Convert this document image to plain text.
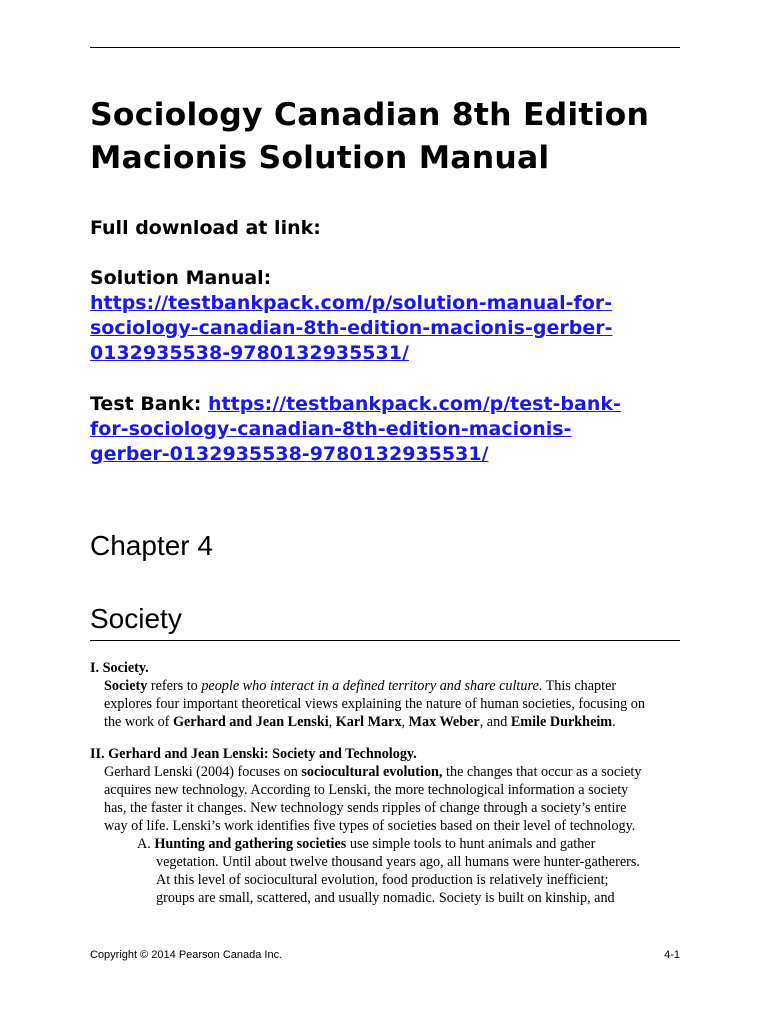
Sociology Canadian 8th Edition
Macionis Solution Manual
Full download at link:
Solution Manual:
https://testbankpack.com/p/solution-manual-for-
sociology-canadian-8th-edition-macionis-gerber-
0132935538-9780132935531/
Test Bank: https://testbankpack.com/p/test-bank-
for-sociology-canadian-8th-edition-macionis-
gerber-0132935538-9780132935531/
Chapter 4
Society
I. Society.
Society refers to people who interact in a defined territory and share culture. This chapter
explores four important theoretical views explaining the nature of human societies, focusing on
the work of Gerhard and Jean Lenski, Karl Marx, Max Weber, and Emile Durkheim.
II. Gerhard and Jean Lenski: Society and Technology.
Gerhard Lenski (2004) focuses on sociocultural evolution, the changes that occur as a society
acquires new technology. According to Lenski, the more technological information a society
has, the faster it changes. New technology sends ripples of change through a society’s entire
way of life. Lenski’s work identifies five types of societies based on their level of technology.
A. Hunting and gathering societies use simple tools to hunt animals and gather
vegetation. Until about twelve thousand years ago, all humans were hunter-gatherers.
At this level of sociocultural evolution, food production is relatively inefficient;
groups are small, scattered, and usually nomadic. Society is built on kinship, and
Copyright © 2014 Pearson Canada Inc.	4-1
